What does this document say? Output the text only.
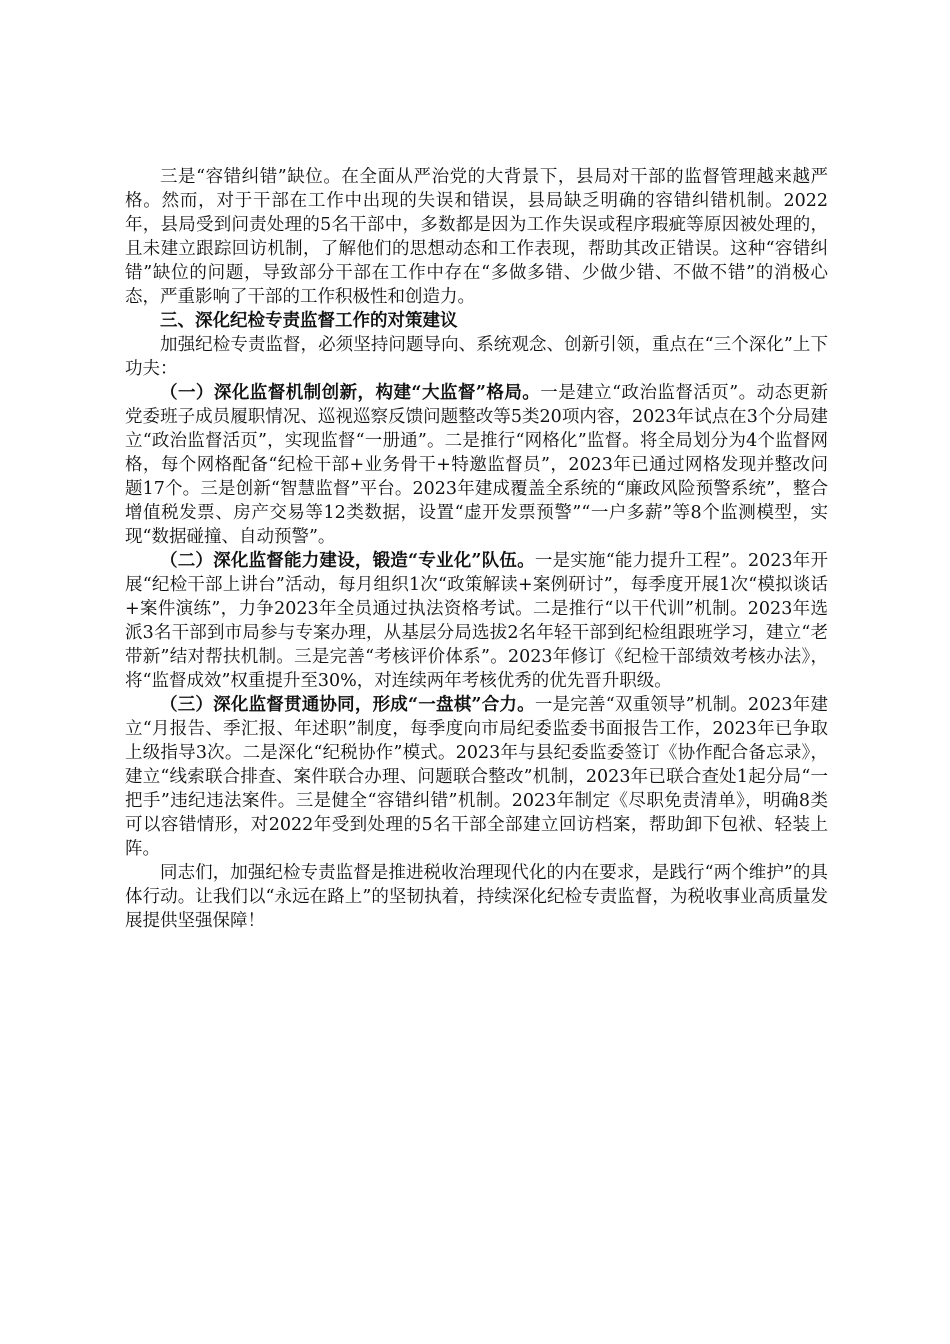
三是“容错纠错”缺位。在全面从严治党的大背景下，县局对干部的监督管理越来越严格。然而，对于干部在工作中出现的失误和错误，县局缺乏明确的容错纠错机制。2022年，县局受到问责处理的5名干部中，多数都是因为工作失误或程序瑕疵等原因被处理的，且未建立跟踪回访机制，了解他们的思想动态和工作表现，帮助其改正错误。这种“容错纠错”缺位的问题，导致部分干部在工作中存在“多做多错、少做少错、不做不错”的消极心态，严重影响了干部的工作积极性和创造力。

三、深化纪检专责监督工作的对策建议

加强纪检专责监督，必须坚持问题导向、系统观念、创新引领，重点在“三个深化”上下功夫：

（一）深化监督机制创新，构建“大监督”格局。一是建立“政治监督活页”。动态更新党委班子成员履职情况、巡视巡察反馈问题整改等5类20项内容，2023年试点在3个分局建立“政治监督活页”，实现监督“一册通”。二是推行“网格化”监督。将全局划分为4个监督网格，每个网格配备“纪检干部+业务骨干+特邀监督员”，2023年已通过网格发现并整改问题17个。三是创新“智慧监督”平台。2023年建成覆盖全系统的“廉政风险预警系统”，整合增值税发票、房产交易等12类数据，设置“虚开发票预警”“一户多薪”等8个监测模型，实现“数据碰撞、自动预警”。

（二）深化监督能力建设，锻造“专业化”队伍。一是实施“能力提升工程”。2023年开展“纪检干部上讲台”活动，每月组织1次“政策解读+案例研讨”，每季度开展1次“模拟谈话+案件演练”，力争2023年全员通过执法资格考试。二是推行“以干代训”机制。2023年选派3名干部到市局参与专案办理，从基层分局选拔2名年轻干部到纪检组跟班学习，建立“老带新”结对帮扶机制。三是完善“考核评价体系”。2023年修订《纪检干部绩效考核办法》，将“监督成效”权重提升至30%，对连续两年考核优秀的优先晋升职级。

（三）深化监督贯通协同，形成“一盘棋”合力。一是完善“双重领导”机制。2023年建立“月报告、季汇报、年述职”制度，每季度向市局纪委监委书面报告工作，2023年已争取上级指导3次。二是深化“纪税协作”模式。2023年与县纪委监委签订《协作配合备忘录》，建立“线索联合排查、案件联合办理、问题联合整改”机制，2023年已联合查处1起分局“一把手”违纪违法案件。三是健全“容错纠错”机制。2023年制定《尽职免责清单》，明确8类可以容错情形，对2022年受到处理的5名干部全部建立回访档案，帮助卸下包袱、轻装上阵。

同志们，加强纪检专责监督是推进税收治理现代化的内在要求，是践行“两个维护”的具体行动。让我们以“永远在路上”的坚韧执着，持续深化纪检专责监督，为税收事业高质量发展提供坚强保障！
